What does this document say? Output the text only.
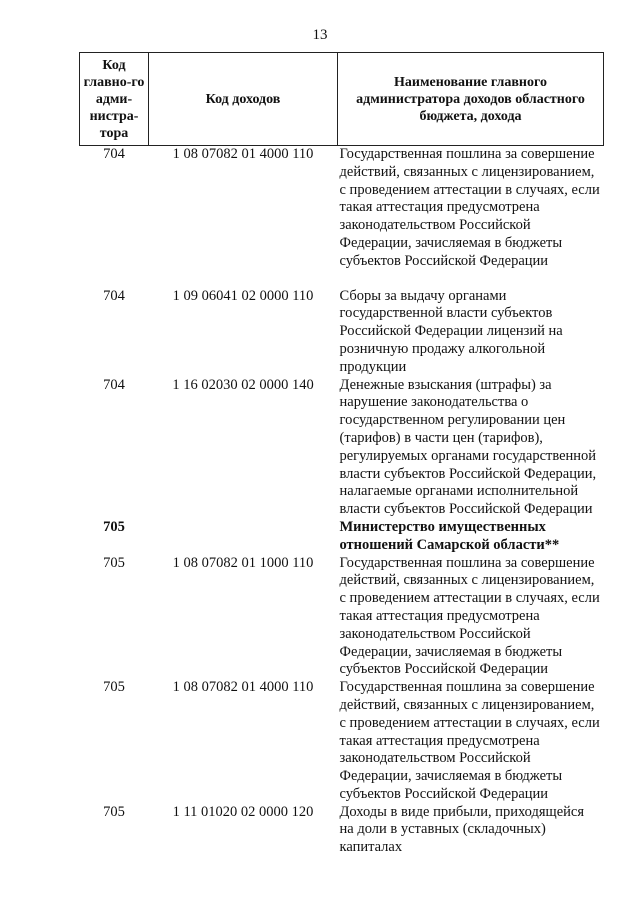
13
Код главно-го адми-нистра-тора	Код доходов	Наименование главного администратора доходов областного бюджета, дохода
704	1 08 07082 01 4000 110	Государственная пошлина за совершение действий, связанных с лицензированием, с проведением аттестации в случаях, если такая аттестация предусмотрена законодательством Российской Федерации, зачисляемая в бюджеты субъектов Российской Федерации
704	1 09 06041 02 0000 110	Сборы за выдачу органами государственной власти субъектов Российской Федерации лицензий на розничную продажу алкогольной продукции
704	1 16 02030 02 0000 140	Денежные взыскания (штрафы) за нарушение законодательства о государственном регулировании цен (тарифов) в части цен (тарифов), регулируемых органами государственной власти субъектов Российской Федерации, налагаемые органами исполнительной власти субъектов Российской Федерации
705		Министерство имущественных отношений Самарской области**
705	1 08 07082 01 1000 110	Государственная пошлина за совершение действий, связанных с лицензированием, с проведением аттестации в случаях, если такая аттестация предусмотрена законодательством Российской Федерации, зачисляемая в бюджеты субъектов Российской Федерации
705	1 08 07082 01 4000 110	Государственная пошлина за совершение действий, связанных с лицензированием, с проведением аттестации в случаях, если такая аттестация предусмотрена законодательством Российской Федерации, зачисляемая в бюджеты субъектов Российской Федерации
705	1 11 01020 02 0000 120	Доходы в виде прибыли, приходящейся на доли в уставных (складочных) капиталах
